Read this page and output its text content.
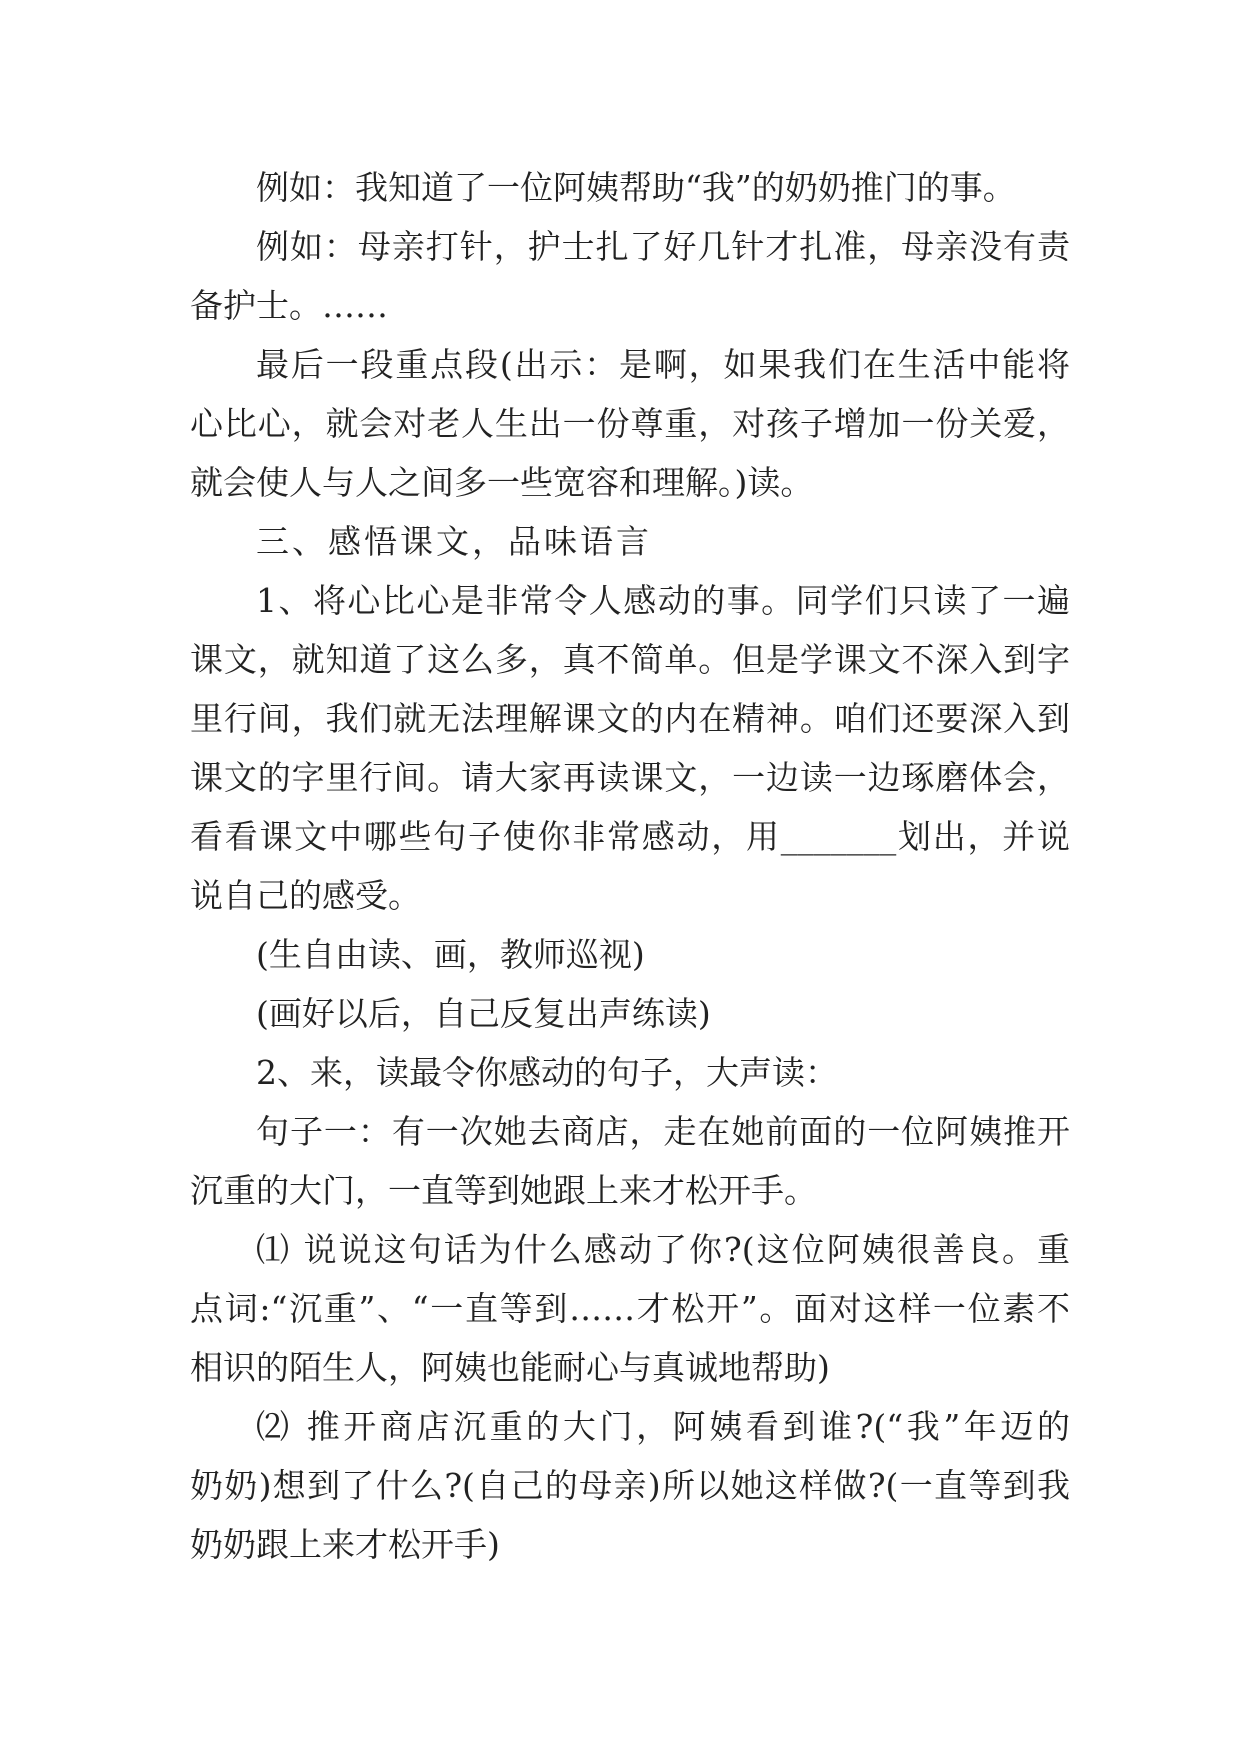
例如：我知道了一位阿姨帮助“我”的奶奶推门的事。
例如：母亲打针，护士扎了好几针才扎准，母亲没有责
备护士。……
最后一段重点段(出示：是啊，如果我们在生活中能将
心比心，就会对老人生出一份尊重，对孩子增加一份关爱，
就会使人与人之间多一些宽容和理解。)读。
三、感悟课文，品味语言
1、将心比心是非常令人感动的事。同学们只读了一遍
课文，就知道了这么多，真不简单。但是学课文不深入到字
里行间，我们就无法理解课文的内在精神。咱们还要深入到
课文的字里行间。请大家再读课文，一边读一边琢磨体会，
看看课文中哪些句子使你非常感动，用_______划出，并说
说自己的感受。
(生自由读、画，教师巡视)
(画好以后，自己反复出声练读)
2、来，读最令你感动的句子，大声读：
句子一：有一次她去商店，走在她前面的一位阿姨推开
沉重的大门，一直等到她跟上来才松开手。
⑴ 说说这句话为什么感动了你?(这位阿姨很善良。重
点词:“沉重”、“一直等到……才松开”。面对这样一位素不
相识的陌生人，阿姨也能耐心与真诚地帮助)
⑵ 推开商店沉重的大门，阿姨看到谁?(“我”年迈的
奶奶)想到了什么?(自己的母亲)所以她这样做?(一直等到我
奶奶跟上来才松开手)
